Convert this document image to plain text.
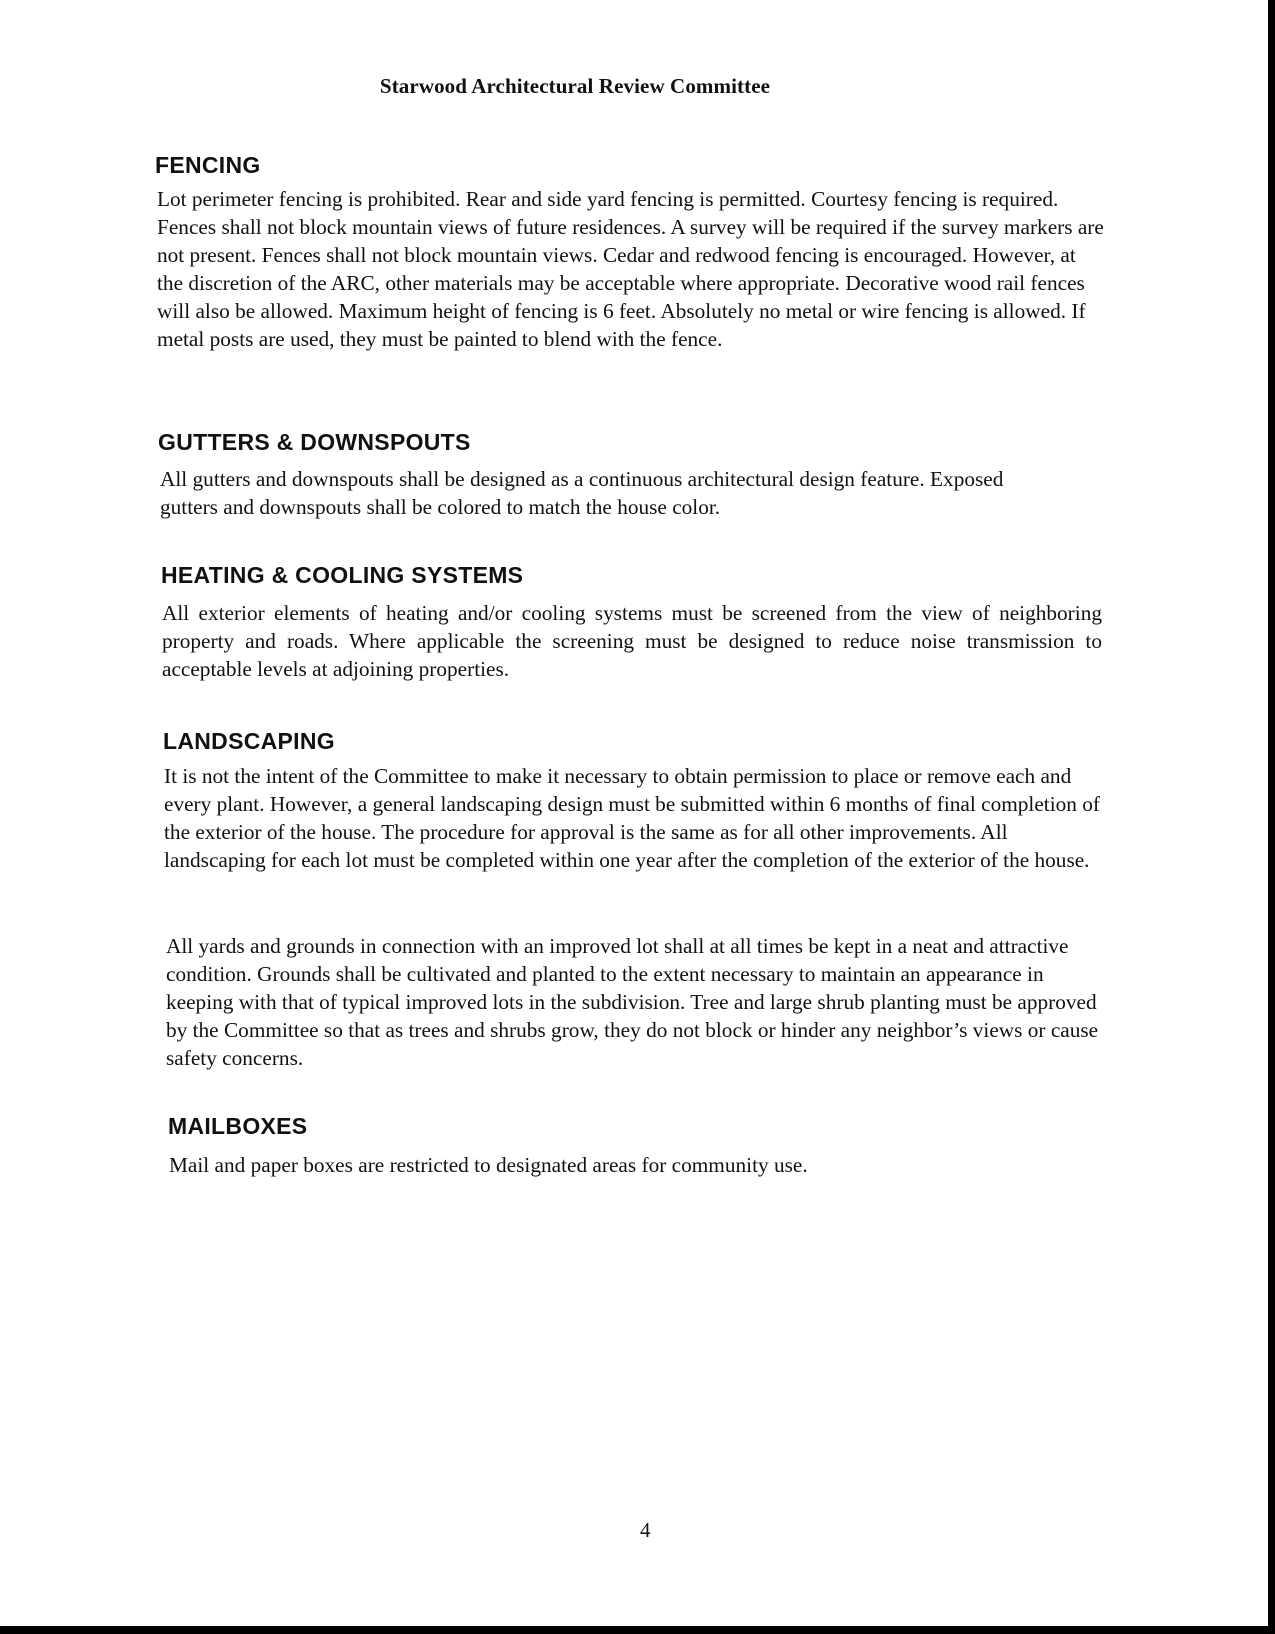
Starwood Architectural Review Committee
FENCING

Lot perimeter fencing is prohibited. Rear and side yard fencing is permitted. Courtesy fencing is required. Fences shall not block mountain views of future residences. A survey will be required if the survey markers are not present. Fences shall not block mountain views. Cedar and redwood fencing is encouraged. However, at the discretion of the ARC, other materials may be acceptable where appropriate. Decorative wood rail fences will also be allowed. Maximum height of fencing is 6 feet. Absolutely no metal or wire fencing is allowed. If metal posts are used, they must be painted to blend with the fence.

GUTTERS & DOWNSPOUTS

All gutters and downspouts shall be designed as a continuous architectural design feature. Exposed gutters and downspouts shall be colored to match the house color.

HEATING & COOLING SYSTEMS

All exterior elements of heating and/or cooling systems must be screened from the view of neighboring property and roads. Where applicable the screening must be designed to reduce noise transmission to acceptable levels at adjoining properties.

LANDSCAPING

It is not the intent of the Committee to make it necessary to obtain permission to place or remove each and every plant. However, a general landscaping design must be submitted within 6 months of final completion of the exterior of the house. The procedure for approval is the same as for all other improvements. All landscaping for each lot must be completed within one year after the completion of the exterior of the house.

All yards and grounds in connection with an improved lot shall at all times be kept in a neat and attractive condition. Grounds shall be cultivated and planted to the extent necessary to maintain an appearance in keeping with that of typical improved lots in the subdivision. Tree and large shrub planting must be approved by the Committee so that as trees and shrubs grow, they do not block or hinder any neighbor’s views or cause safety concerns.

MAILBOXES

Mail and paper boxes are restricted to designated areas for community use.

4
